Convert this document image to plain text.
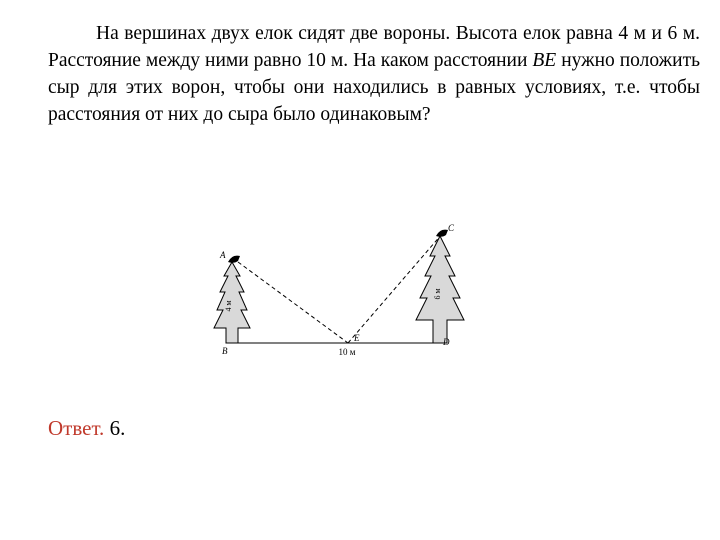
На вершинах двух елок сидят две вороны. Высота елок равна 4 м и 6 м. Расстояние между ними равно 10 м. На каком расстоянии BE нужно положить сыр для этих ворон, чтобы они находились в равных условиях, т.е. чтобы расстояния от них до сыра было одинаковым?

A
B
C
D
E
4 м
6 м
10 м

Ответ. 6.
